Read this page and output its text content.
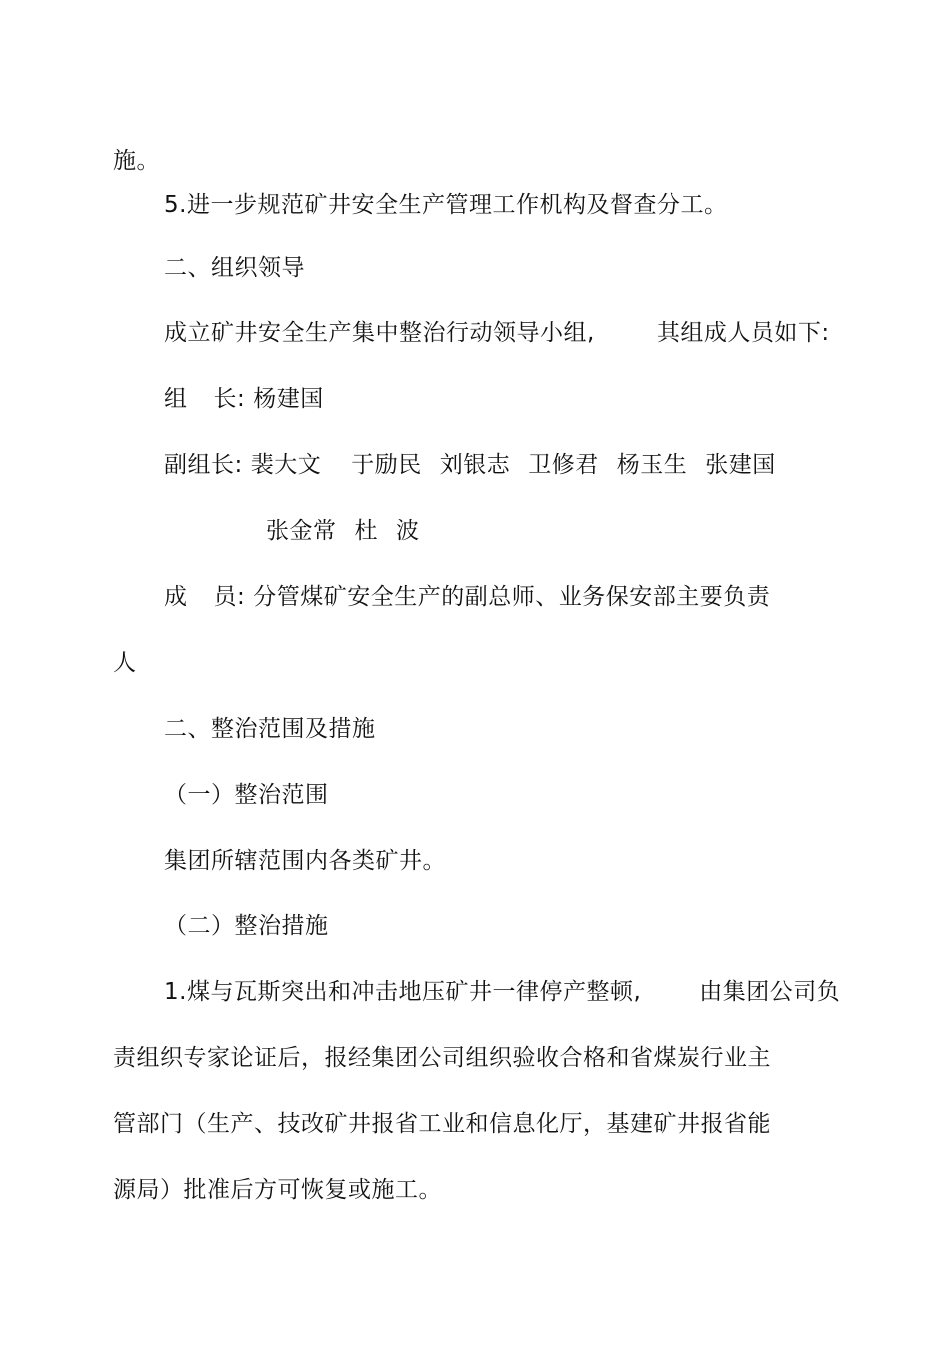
施。
5.进一步规范矿井安全生产管理工作机构及督查分工。
二、组织领导
成立矿井安全生产集中整治行动领导小组,	其组成人员如下:
组 长: 杨建国
副组长: 裴大文 于励民 刘银志 卫修君 杨玉生 张建国
张金常 杜 波
成 员: 分管煤矿安全生产的副总师、业务保安部主要负责
人
二、整治范围及措施
（一）整治范围
集团所辖范围内各类矿井。
（二）整治措施
1.煤与瓦斯突出和冲击地压矿井一律停产整顿,	由集团公司负
责组织专家论证后，报经集团公司组织验收合格和省煤炭行业主
管部门（生产、技改矿井报省工业和信息化厅，基建矿井报省能
源局）批准后方可恢复或施工。
